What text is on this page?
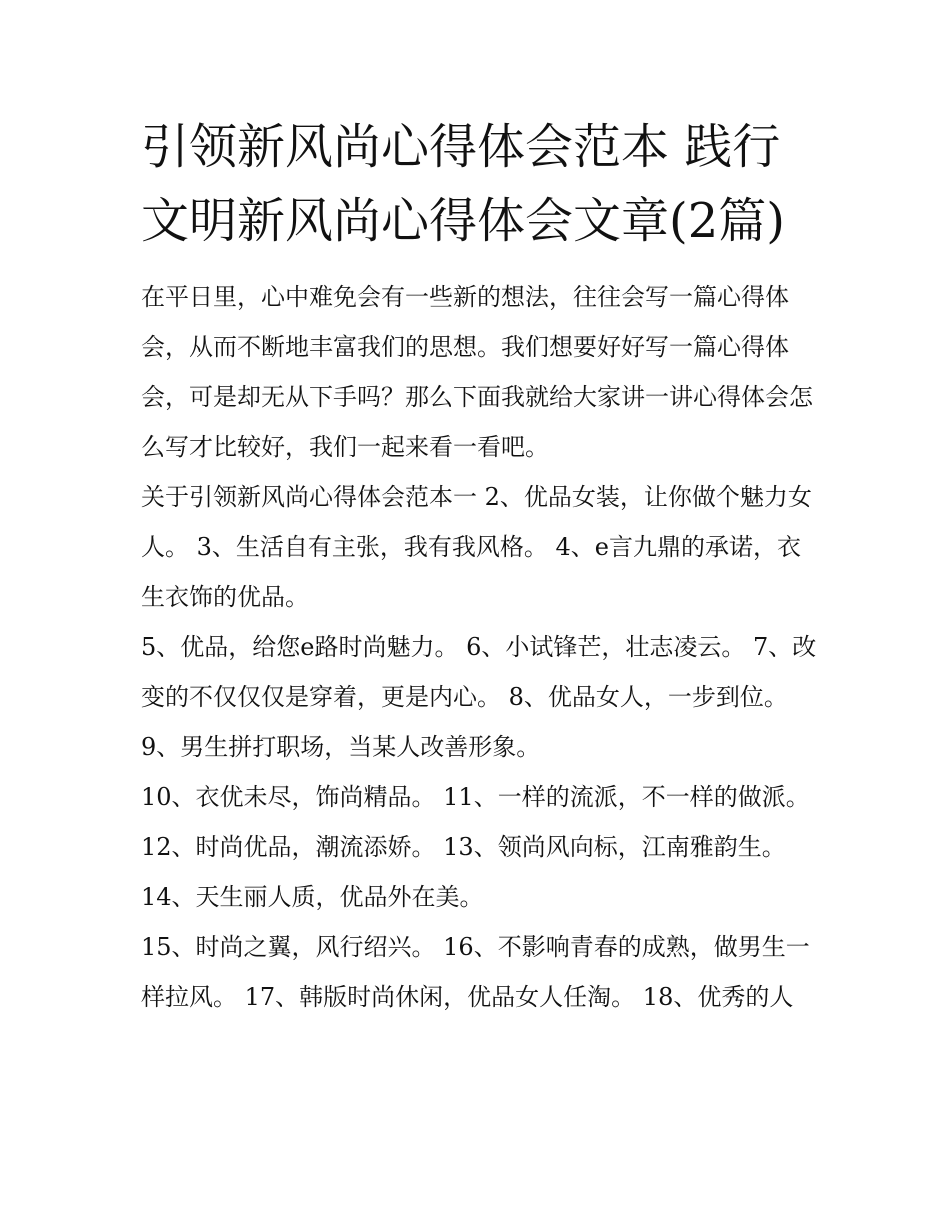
引领新风尚心得体会范本 践行文明新风尚心得体会文章(2篇)

在平日里，心中难免会有一些新的想法，往往会写一篇心得体会，从而不断地丰富我们的思想。我们想要好好写一篇心得体会，可是却无从下手吗？那么下面我就给大家讲一讲心得体会怎么写才比较好，我们一起来看一看吧。

关于引领新风尚心得体会范本一 2、优品女装，让你做个魅力女人。 3、生活自有主张，我有我风格。 4、e言九鼎的承诺，衣生衣饰的优品。

5、优品，给您e路时尚魅力。 6、小试锋芒，壮志凌云。 7、改变的不仅仅仅是穿着，更是内心。 8、优品女人，一步到位。 9、男生拼打职场，当某人改善形象。

10、衣优未尽，饰尚精品。 11、一样的流派，不一样的做派。

12、时尚优品，潮流添娇。 13、领尚风向标，江南雅韵生。

14、天生丽人质，优品外在美。

15、时尚之翼，风行绍兴。 16、不影响青春的成熟，做男生一样拉风。 17、韩版时尚休闲，优品女人任淘。 18、优秀的人
